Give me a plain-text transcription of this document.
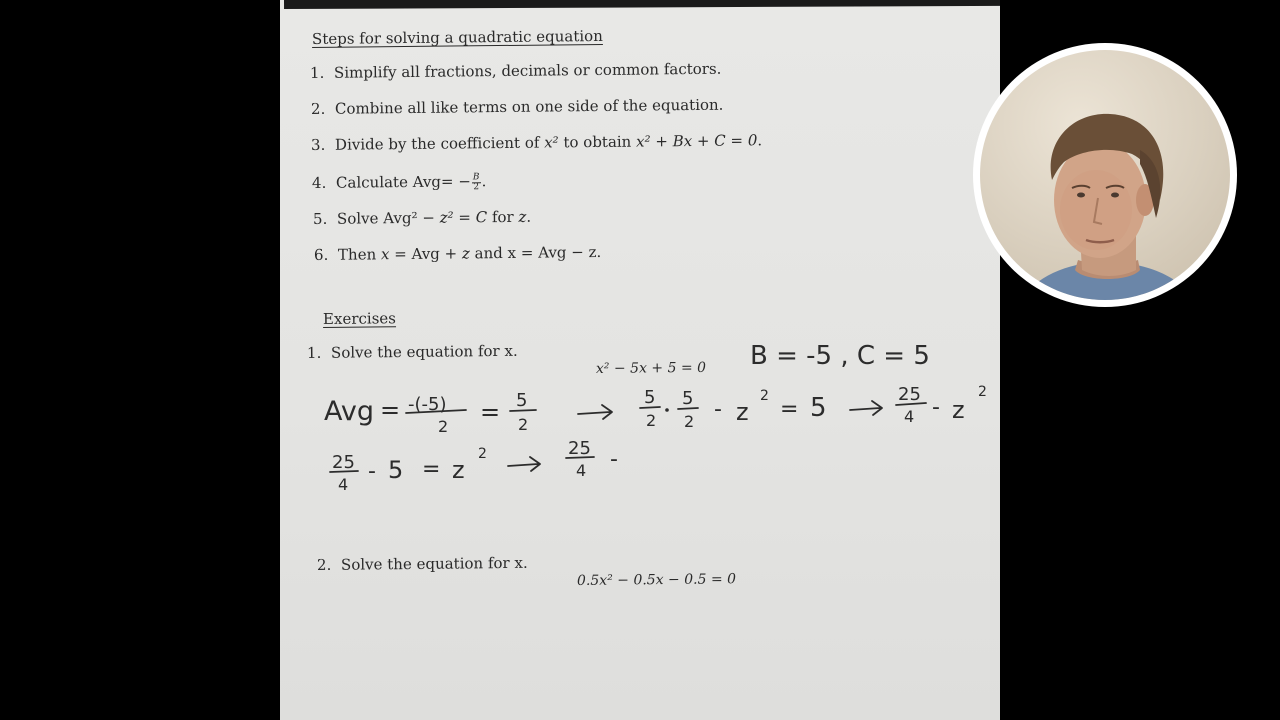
Steps for solving a quadratic equation
1. Simplify all fractions, decimals or common factors.
2. Combine all like terms on one side of the equation.
3. Divide by the coefficient of x² to obtain x² + Bx + C = 0.
4. Calculate $Avg= - \frac{B}{2}$ .
5. Solve Avg² − z² = C for z.
6. Then x = Avg + z and x = Avg − z.
Exercises
1. Solve the equation for x.
x² − 5x + 5 = 0
2. Solve the equation for x.
0.5x² − 0.5x − 0.5 = 0
B = -5 , C = 5
Avg = -(-5)
2
= 5
2
5
2
5
2 - z
2
= 5	25
4 - z
2
25
4
- 5 = z
2	25
4 -
